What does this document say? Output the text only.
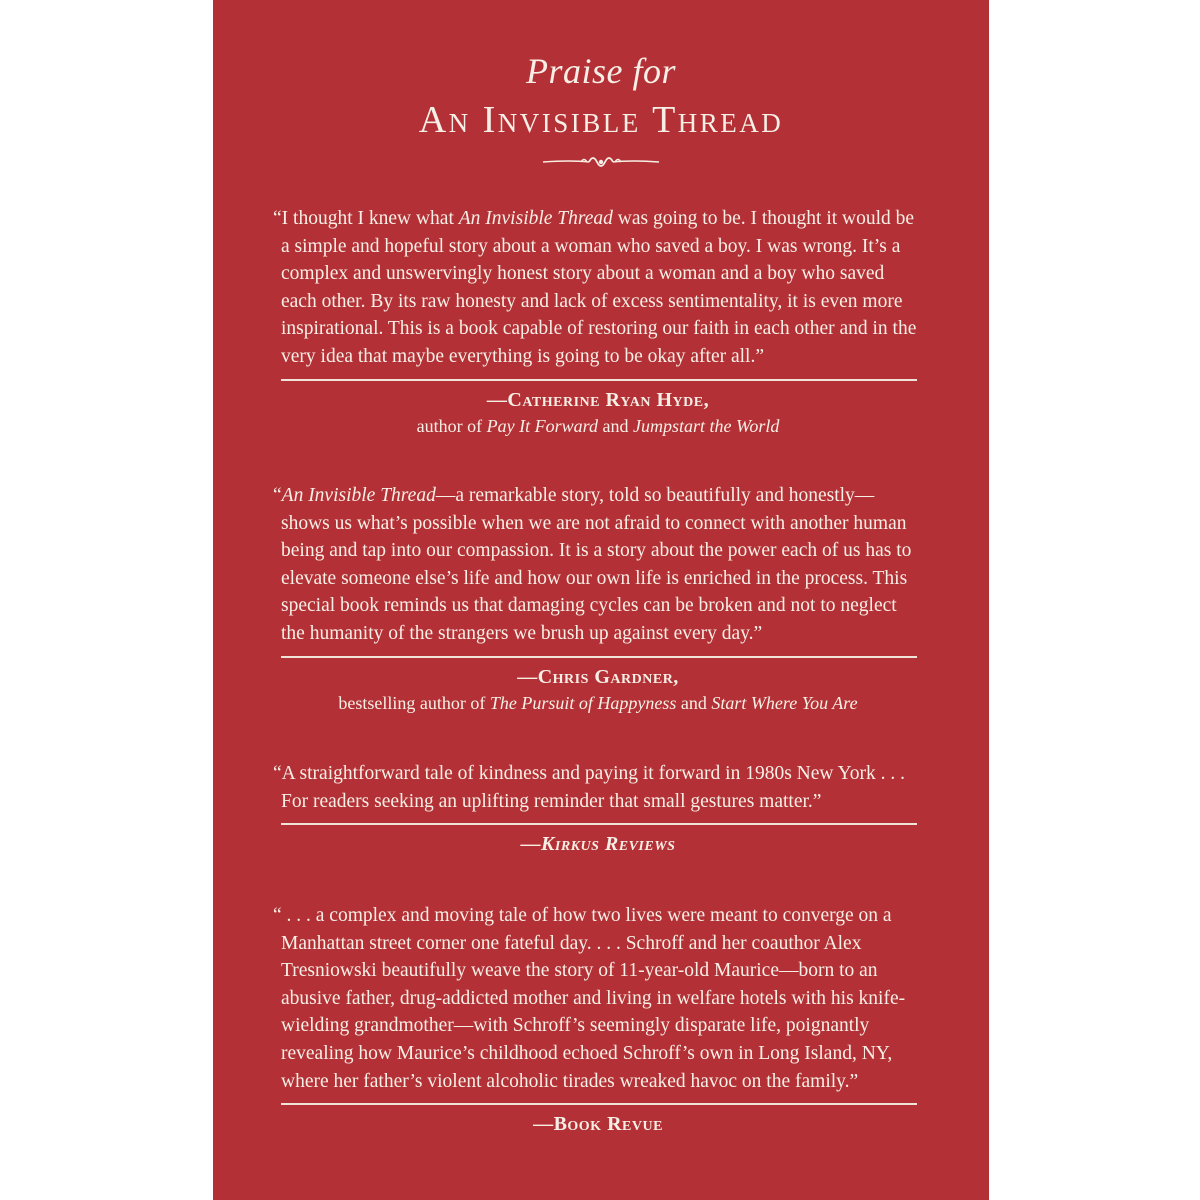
Praise for
An Invisible Thread

“I thought I knew what An Invisible Thread was going to be. I thought it would be a simple and hopeful story about a woman who saved a boy. I was wrong. It’s a complex and unswervingly honest story about a woman and a boy who saved each other. By its raw honesty and lack of excess sentimentality, it is even more inspirational. This is a book capable of restoring our faith in each other and in the very idea that maybe everything is going to be okay after all.”

—Catherine Ryan Hyde,
author of Pay It Forward and Jumpstart the World

“An Invisible Thread—a remarkable story, told so beautifully and honestly—shows us what’s possible when we are not afraid to connect with another human being and tap into our compassion. It is a story about the power each of us has to elevate someone else’s life and how our own life is enriched in the process. This special book reminds us that damaging cycles can be broken and not to neglect the humanity of the strangers we brush up against every day.”

—Chris Gardner,
bestselling author of The Pursuit of Happyness and Start Where You Are

“A straightforward tale of kindness and paying it forward in 1980s New York . . . For readers seeking an uplifting reminder that small gestures matter.”

—Kirkus Reviews

“ . . . a complex and moving tale of how two lives were meant to converge on a Manhattan street corner one fateful day. . . . Schroff and her coauthor Alex Tresniowski beautifully weave the story of 11-year-old Maurice—born to an abusive father, drug-addicted mother and living in welfare hotels with his knife-wielding grandmother—with Schroff’s seemingly disparate life, poignantly revealing how Maurice’s childhood echoed Schroff’s own in Long Island, NY, where her father’s violent alcoholic tirades wreaked havoc on the family.”

—Book Revue
